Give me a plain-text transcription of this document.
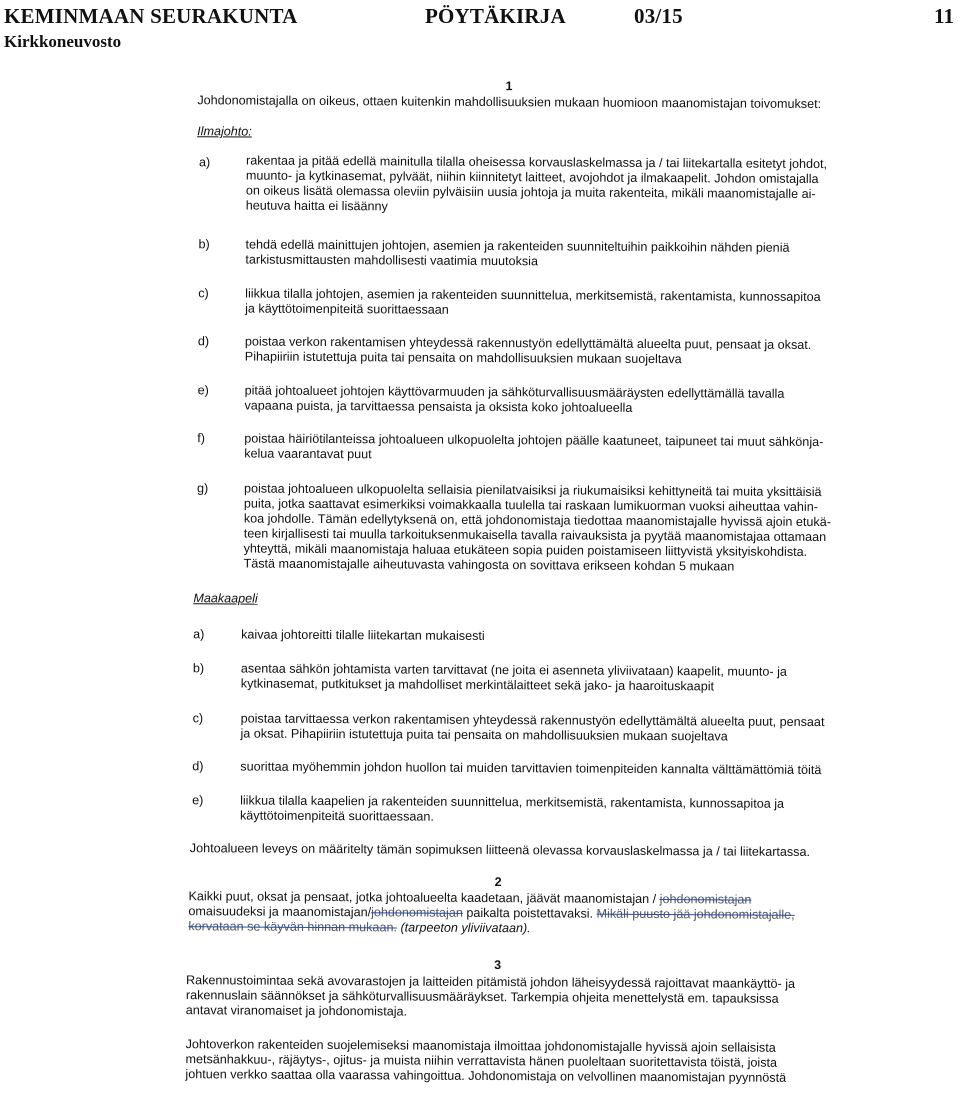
KEMINMAAN SEURAKUNTA	PÖYTÄKIRJA	03/15	11
Kirkkoneuvosto
1
Johdonomistajalla on oikeus, ottaen kuitenkin mahdollisuuksien mukaan huomioon maanomistajan toivomukset:
Ilmajohto:
a)	rakentaa ja pitää edellä mainitulla tilalla oheisessa korvauslaskelmassa ja / tai liitekartalla esitetyt johdot,
muunto- ja kytkinasemat, pylväät, niihin kiinnitetyt laitteet, avojohdot ja ilmakaapelit. Johdon omistajalla
on oikeus lisätä olemassa oleviin pylväisiin uusia johtoja ja muita rakenteita, mikäli maanomistajalle ai-
heutuva haitta ei lisäänny
b)	tehdä edellä mainittujen johtojen, asemien ja rakenteiden suunniteltuihin paikkoihin nähden pieniä
tarkistusmittausten mahdollisesti vaatimia muutoksia
c)	liikkua tilalla johtojen, asemien ja rakenteiden suunnittelua, merkitsemistä, rakentamista, kunnossapitoa
ja käyttötoimenpiteitä suorittaessaan
d)	poistaa verkon rakentamisen yhteydessä rakennustyön edellyttämältä alueelta puut, pensaat ja oksat.
Pihapiiriin istutettuja puita tai pensaita on mahdollisuuksien mukaan suojeltava
e)	pitää johtoalueet johtojen käyttövarmuuden ja sähköturvallisuusmääräysten edellyttämällä tavalla
vapaana puista, ja tarvittaessa pensaista ja oksista koko johtoalueella
f)	poistaa häiriötilanteissa johtoalueen ulkopuolelta johtojen päälle kaatuneet, taipuneet tai muut sähkönja-
kelua vaarantavat puut
g)	poistaa johtoalueen ulkopuolelta sellaisia pienilatvaisiksi ja riukumaisiksi kehittyneitä tai muita yksittäisiä
puita, jotka saattavat esimerkiksi voimakkaalla tuulella tai raskaan lumikuorman vuoksi aiheuttaa vahin-
koa johdolle. Tämän edellytyksenä on, että johdonomistaja tiedottaa maanomistajalle hyvissä ajoin etukä-
teen kirjallisesti tai muulla tarkoituksenmukaisella tavalla raivauksista ja pyytää maanomistajaa ottamaan
yhteyttä, mikäli maanomistaja haluaa etukäteen sopia puiden poistamiseen liittyvistä yksityiskohdista.
Tästä maanomistajalle aiheutuvasta vahingosta on sovittava erikseen kohdan 5 mukaan
Maakaapeli
a)	kaivaa johtoreitti tilalle liitekartan mukaisesti
b)	asentaa sähkön johtamista varten tarvittavat (ne joita ei asenneta yliviivataan) kaapelit, muunto- ja
kytkinasemat, putkitukset ja mahdolliset merkintälaitteet sekä jako- ja haaroituskaapit
c)	poistaa tarvittaessa verkon rakentamisen yhteydessä rakennustyön edellyttämältä alueelta puut, pensaat
ja oksat. Pihapiiriin istutettuja puita tai pensaita on mahdollisuuksien mukaan suojeltava
d)	suorittaa myöhemmin johdon huollon tai muiden tarvittavien toimenpiteiden kannalta välttämättömiä töitä
e)	liikkua tilalla kaapelien ja rakenteiden suunnittelua, merkitsemistä, rakentamista, kunnossapitoa ja
käyttötoimenpiteitä suorittaessaan.
Johtoalueen leveys on määritelty tämän sopimuksen liitteenä olevassa korvauslaskelmassa ja / tai liitekartassa.
2
Kaikki puut, oksat ja pensaat, jotka johtoalueelta kaadetaan, jäävät maanomistajan / johdonomistajan
omaisuudeksi ja maanomistajan/johdonomistajan paikalta poistettavaksi. Mikäli puusto jää johdonomistajalle,
korvataan se käyvän hinnan mukaan. (tarpeeton yliviivataan).
3
Rakennustoimintaa sekä avovarastojen ja laitteiden pitämistä johdon läheisyydessä rajoittavat maankäyttö- ja
rakennuslain säännökset ja sähköturvallisuusmääräykset. Tarkempia ohjeita menettelystä em. tapauksissa
antavat viranomaiset ja johdonomistaja.
Johtoverkon rakenteiden suojelemiseksi maanomistaja ilmoittaa johdonomistajalle hyvissä ajoin sellaisista
metsänhakkuu-, räjäytys-, ojitus- ja muista niihin verrattavista hänen puoleltaan suoritettavista töistä, joista
johtuen verkko saattaa olla vaarassa vahingoittua. Johdonomistaja on velvollinen maanomistajan pyynnöstä
